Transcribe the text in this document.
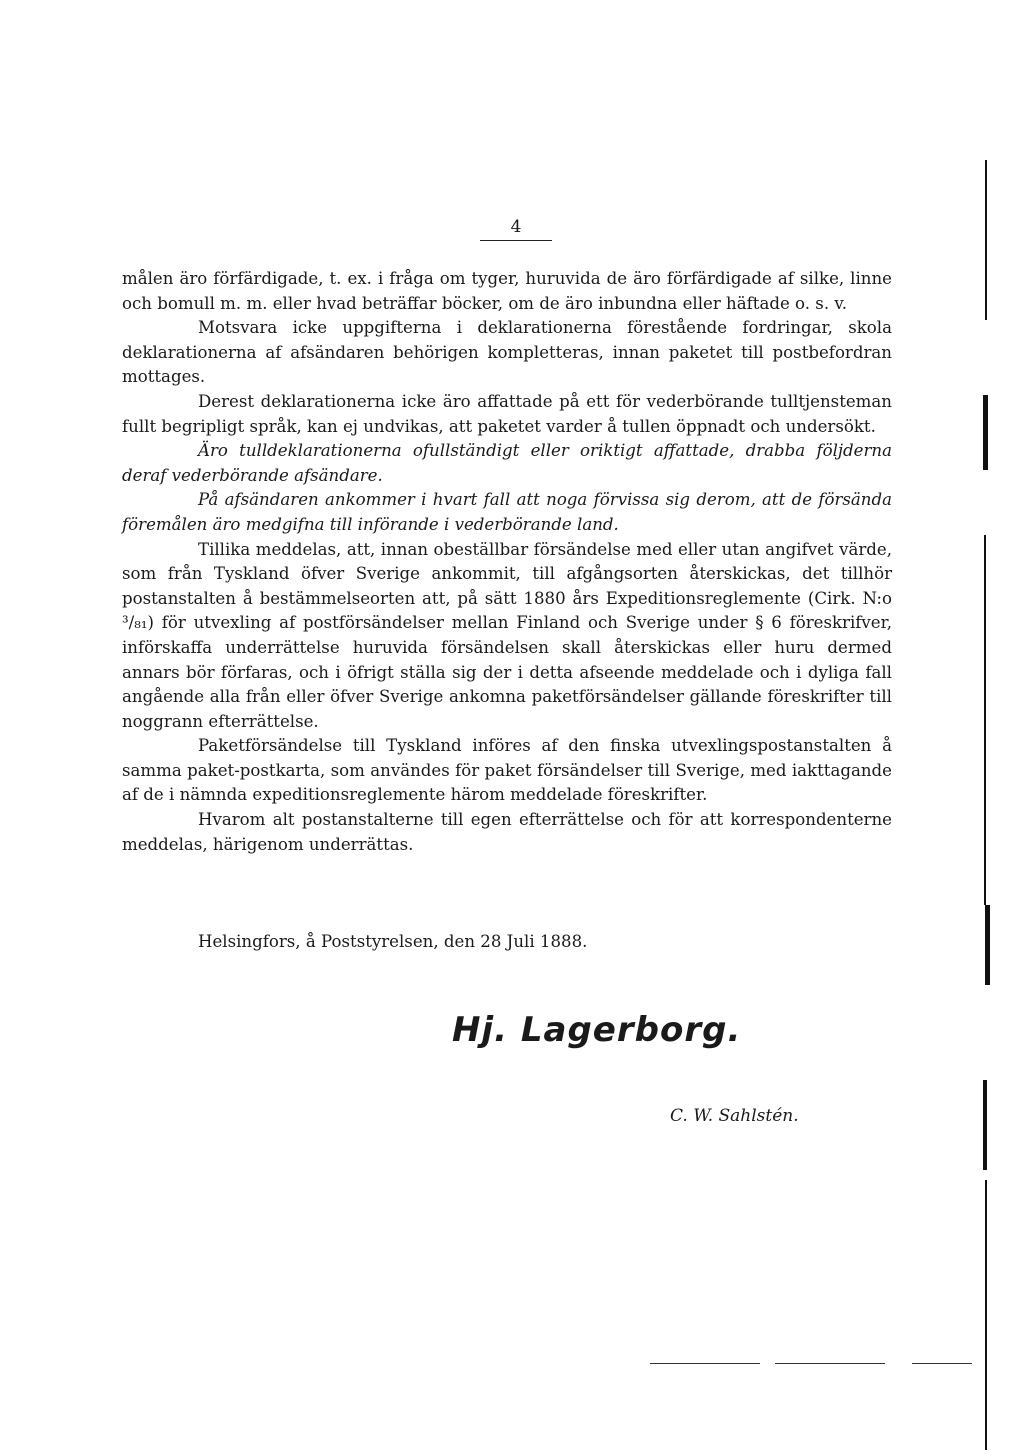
4

målen äro förfärdigade, t. ex. i fråga om tyger, huruvida de äro förfärdigade af silke, linne och bomull m. m. eller hvad beträffar böcker, om de äro inbundna eller häftade o. s. v.

Motsvara icke uppgifterna i deklarationerna förestående fordringar, skola deklarationerna af afsändaren behörigen kompletteras, innan paketet till postbefordran mottages.

Derest deklarationerna icke äro affattade på ett för vederbörande tulltjensteman fullt begripligt språk, kan ej undvikas, att paketet varder å tullen öppnadt och undersökt.

Äro tulldeklarationerna ofullständigt eller oriktigt affattade, drabba följderna deraf vederbörande afsändare.

På afsändaren ankommer i hvart fall att noga förvissa sig derom, att de försända föremålen äro medgifna till införande i vederbörande land.

Tillika meddelas, att, innan obeställbar försändelse med eller utan angifvet värde, som från Tyskland öfver Sverige ankommit, till afgångsorten återskickas, det tillhör postanstalten å bestämmelseorten att, på sätt 1880 års Expeditionsreglemente (Cirk. N:o ³/₈₁) för utvexling af postförsändelser mellan Finland och Sverige under § 6 föreskrifver, införskaffa underrättelse huruvida försändelsen skall återskickas eller huru dermed annars bör förfaras, och i öfrigt ställa sig der i detta afseende meddelade och i dyliga fall angående alla från eller öfver Sverige ankomna paketförsändelser gällande föreskrifter till noggrann efterrättelse.

Paketförsändelse till Tyskland införes af den finska utvexlingspostanstalten å samma paket-postkarta, som användes för paket försändelser till Sverige, med iakttagande af de i nämnda expeditionsreglemente härom meddelade föreskrifter.

Hvarom alt postanstalterne till egen efterrättelse och för att korrespondenterne meddelas, härigenom underrättas.

Helsingfors, å Poststyrelsen, den 28 Juli 1888.
Hj. Lagerborg.
C. W. Sahlstén.
